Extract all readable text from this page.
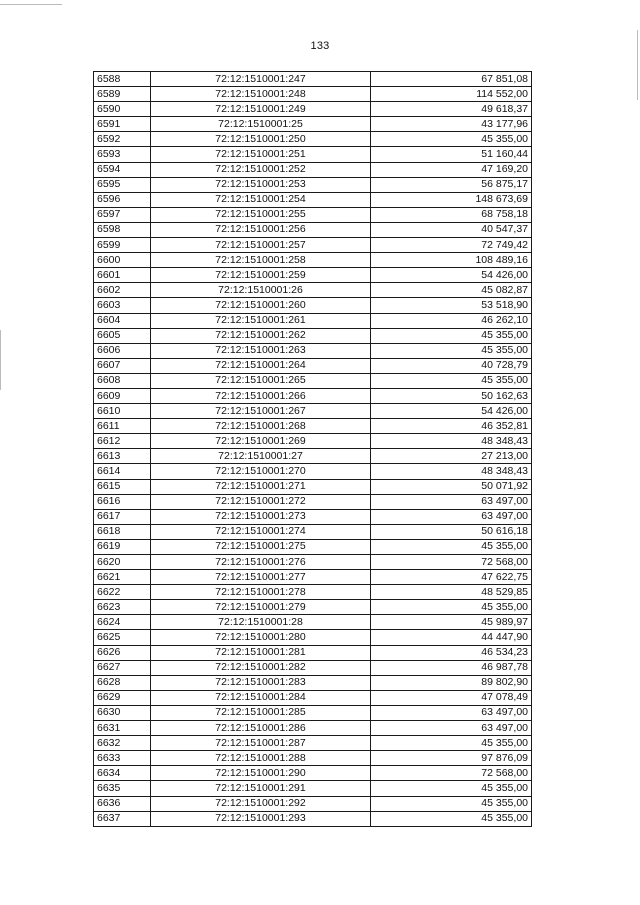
133
6588	72:12:1510001:247	67 851,08
6589	72:12:1510001:248	114 552,00
6590	72:12:1510001:249	49 618,37
6591	72:12:1510001:25	43 177,96
6592	72:12:1510001:250	45 355,00
6593	72:12:1510001:251	51 160,44
6594	72:12:1510001:252	47 169,20
6595	72:12:1510001:253	56 875,17
6596	72:12:1510001:254	148 673,69
6597	72:12:1510001:255	68 758,18
6598	72:12:1510001:256	40 547,37
6599	72:12:1510001:257	72 749,42
6600	72:12:1510001:258	108 489,16
6601	72:12:1510001:259	54 426,00
6602	72:12:1510001:26	45 082,87
6603	72:12:1510001:260	53 518,90
6604	72:12:1510001:261	46 262,10
6605	72:12:1510001:262	45 355,00
6606	72:12:1510001:263	45 355,00
6607	72:12:1510001:264	40 728,79
6608	72:12:1510001:265	45 355,00
6609	72:12:1510001:266	50 162,63
6610	72:12:1510001:267	54 426,00
6611	72:12:1510001:268	46 352,81
6612	72:12:1510001:269	48 348,43
6613	72:12:1510001:27	27 213,00
6614	72:12:1510001:270	48 348,43
6615	72:12:1510001:271	50 071,92
6616	72:12:1510001:272	63 497,00
6617	72:12:1510001:273	63 497,00
6618	72:12:1510001:274	50 616,18
6619	72:12:1510001:275	45 355,00
6620	72:12:1510001:276	72 568,00
6621	72:12:1510001:277	47 622,75
6622	72:12:1510001:278	48 529,85
6623	72:12:1510001:279	45 355,00
6624	72:12:1510001:28	45 989,97
6625	72:12:1510001:280	44 447,90
6626	72:12:1510001:281	46 534,23
6627	72:12:1510001:282	46 987,78
6628	72:12:1510001:283	89 802,90
6629	72:12:1510001:284	47 078,49
6630	72:12:1510001:285	63 497,00
6631	72:12:1510001:286	63 497,00
6632	72:12:1510001:287	45 355,00
6633	72:12:1510001:288	97 876,09
6634	72:12:1510001:290	72 568,00
6635	72:12:1510001:291	45 355,00
6636	72:12:1510001:292	45 355,00
6637	72:12:1510001:293	45 355,00
